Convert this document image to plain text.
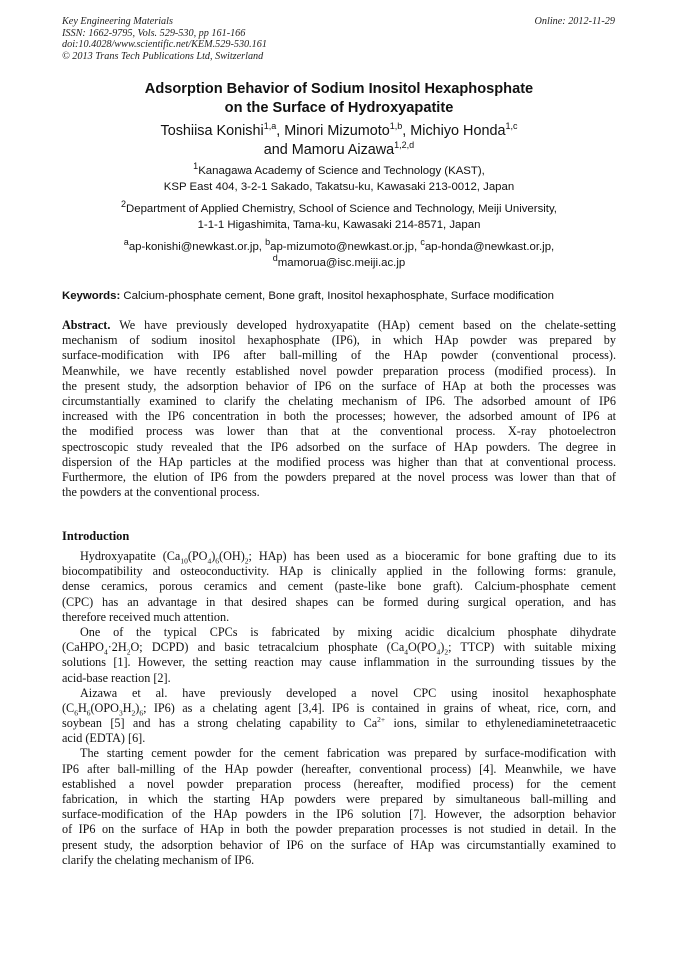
Key Engineering Materials
ISSN: 1662-9795, Vols. 529-530, pp 161-166
doi:10.4028/www.scientific.net/KEM.529-530.161
© 2013 Trans Tech Publications Ltd, Switzerland
Online: 2012-11-29
Adsorption Behavior of Sodium Inositol Hexaphosphate
on the Surface of Hydroxyapatite
Toshiisa Konishi$^{1,a}$, Minori Mizumoto$^{1,b}$, Michiyo Honda$^{1,c}$
and Mamoru Aizawa$^{1,2,d}$
$^1$Kanagawa Academy of Science and Technology (KAST),
KSP East 404, 3-2-1 Sakado, Takatsu-ku, Kawasaki 213-0012, Japan
$^2$Department of Applied Chemistry, School of Science and Technology, Meiji University,
1-1-1 Higashimita, Tama-ku, Kawasaki 214-8571, Japan
$^a$ap-konishi@newkast.or.jp, $^b$ap-mizumoto@newkast.or.jp, $^c$ap-honda@newkast.or.jp,
$^d$mamorua@isc.meiji.ac.jp
Keywords: Calcium-phosphate cement, Bone graft, Inositol hexaphosphate, Surface modification
Abstract. We have previously developed hydroxyapatite (HAp) cement based on the chelate-setting
mechanism of sodium inositol hexaphosphate (IP6), in which HAp powder was prepared by
surface-modification with IP6 after ball-milling of the HAp powder (conventional process).
Meanwhile, we have recently established novel powder preparation process (modified process). In
the present study, the adsorption behavior of IP6 on the surface of HAp at both the processes was
circumstantially examined to clarify the chelating mechanism of IP6. The adsorbed amount of IP6
increased with the IP6 concentration in both the processes; however, the adsorbed amount of IP6 at
the modified process was lower than that at the conventional process. X-ray photoelectron
spectroscopic study revealed that the IP6 adsorbed on the surface of HAp powders. The degree in
dispersion of the HAp particles at the modified process was higher than that at conventional process.
Furthermore, the elution of IP6 from the powders prepared at the novel process was lower than that of
the powders at the conventional process.
Introduction
Hydroxyapatite ($Ca_{10}(PO_4)_6(OH)_2$; HAp) has been used as a bioceramic for bone grafting due to its
biocompatibility and osteoconductivity. HAp is clinically applied in the following forms: granule,
dense ceramics, porous ceramics and cement (paste-like bone graft). Calcium-phosphate cement
(CPC) has an advantage in that desired shapes can be formed during surgical operation, and has
therefore received much attention.
One of the typical CPCs is fabricated by mixing acidic dicalcium phosphate dihydrate
($CaHPO_4\cdot 2H_2O$; DCPD) and basic tetracalcium phosphate ($Ca_4O(PO_4)_2$; TTCP) with suitable mixing
solutions [1]. However, the setting reaction may cause inflammation in the surrounding tissues by the
acid-base reaction [2].
Aizawa et al. have previously developed a novel CPC using inositol hexaphosphate
($C_6H_6(OPO_3H_2)_6$; IP6) as a chelating agent [3,4]. IP6 is contained in grains of wheat, rice, corn, and
soybean [5] and has a strong chelating capability to $Ca^{2+}$ ions, similar to ethylenediaminetetraacetic
acid (EDTA) [6].
The starting cement powder for the cement fabrication was prepared by surface-modification with
IP6 after ball-milling of the HAp powder (hereafter, conventional process) [4]. Meanwhile, we have
established a novel powder preparation process (hereafter, modified process) for the cement
fabrication, in which the starting HAp powders were prepared by simultaneous ball-milling and
surface-modification of the HAp powders in the IP6 solution [7]. However, the adsorption behavior
of IP6 on the surface of HAp in both the powder preparation processes is not studied in detail. In the
present study, the adsorption behavior of IP6 on the surface of HAp was circumstantially examined to
clarify the chelating mechanism of IP6.
